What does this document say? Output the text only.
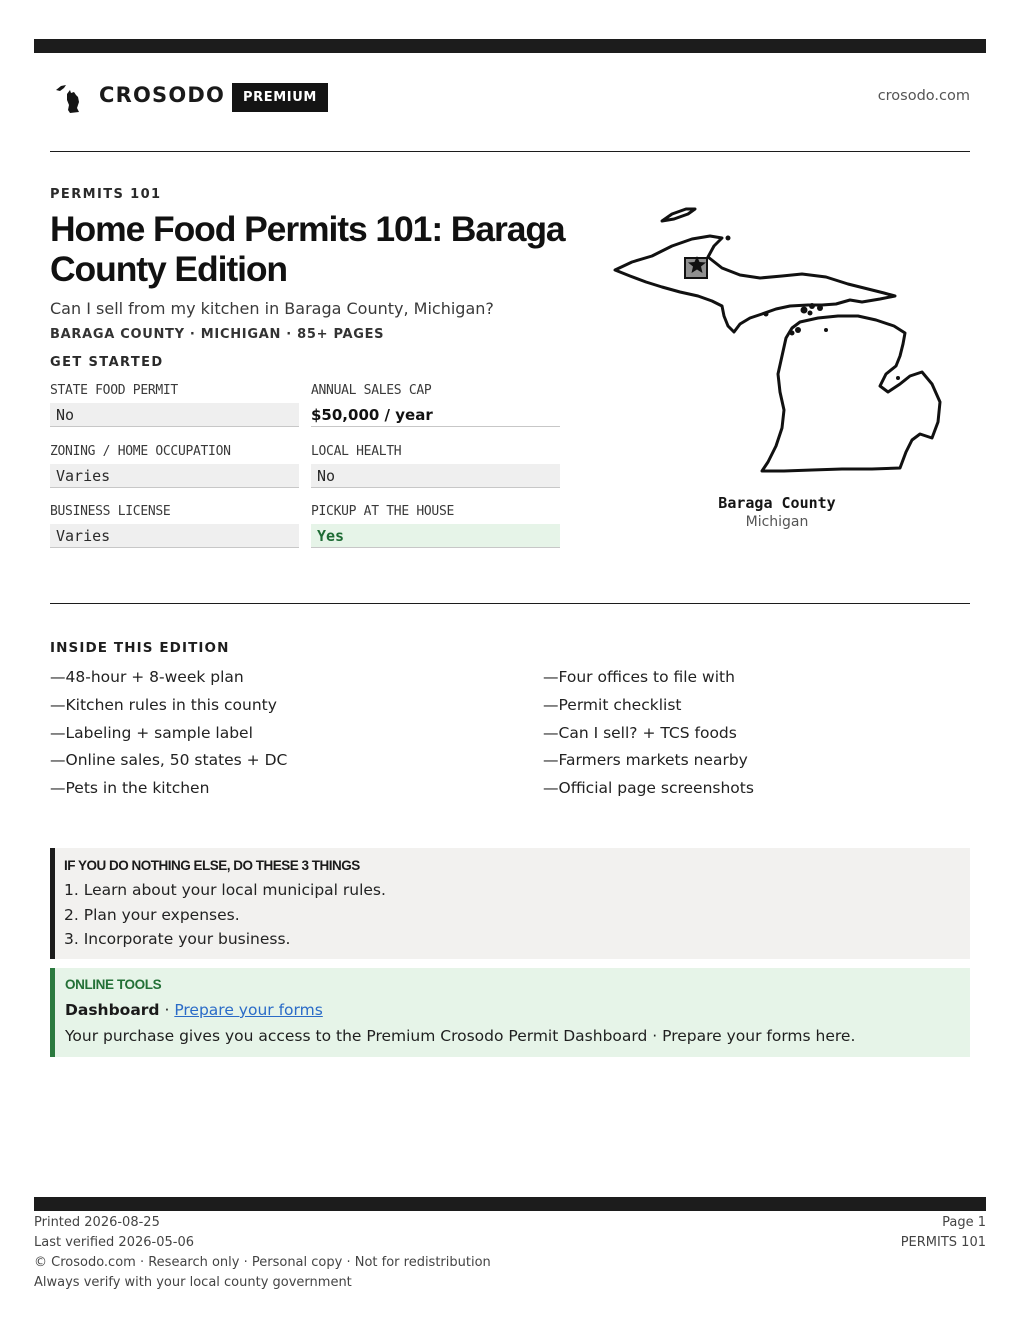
CROSODO	PREMIUM	crosodo.com
PERMITS 101
Home Food Permits 101: Baraga County Edition
Can I sell from my kitchen in Baraga County, Michigan?
BARAGA COUNTY · MICHIGAN · 85+ PAGES
GET STARTED
STATE FOOD PERMIT
No
ANNUAL SALES CAP
$50,000 / year
ZONING / HOME OCCUPATION
Varies
LOCAL HEALTH
No
BUSINESS LICENSE
Varies
PICKUP AT THE HOUSE
Yes
Baraga County
Michigan
INSIDE THIS EDITION
—48-hour + 8-week plan
—Kitchen rules in this county
—Labeling + sample label
—Online sales, 50 states + DC
—Pets in the kitchen
—Four offices to file with
—Permit checklist
—Can I sell? + TCS foods
—Farmers markets nearby
—Official page screenshots
IF YOU DO NOTHING ELSE, DO THESE 3 THINGS
1. Learn about your local municipal rules.
2. Plan your expenses.
3. Incorporate your business.
ONLINE TOOLS
Dashboard · Prepare your forms
Your purchase gives you access to the Premium Crosodo Permit Dashboard · Prepare your forms here.
Printed 2026-08-25
Last verified 2026-05-06
© Crosodo.com · Research only · Personal copy · Not for redistribution
Always verify with your local county government
Page 1
PERMITS 101
